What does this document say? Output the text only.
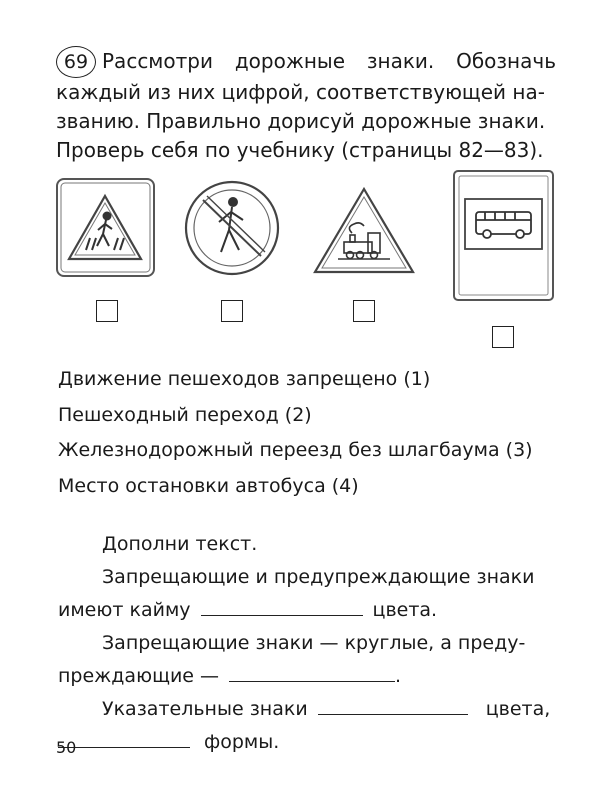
69 Рассмотри дорожные знаки. Обозначь
каждый из них цифрой, соответствующей на-
званию. Правильно дорисуй дорожные знаки.
Проверь себя по учебнику (страницы 82—83).
Движение пешеходов запрещено (1)
Пешеходный переход (2)
Железнодорожный переезд без шлагбаума (3)
Место остановки автобуса (4)
Дополни текст.
Запрещающие и предупреждающие знаки
имеют кайму	цвета.
Запрещающие знаки — круглые, а преду-
преждающие —	.
Указательные знаки	цвета,
формы.
50
